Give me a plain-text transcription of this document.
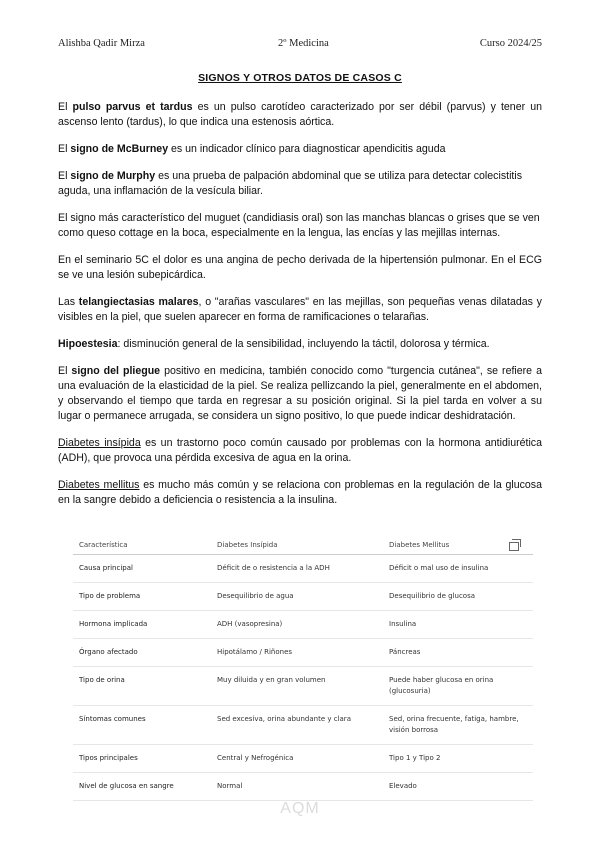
Alishba Qadir Mirza	2º Medicina	Curso 2024/25
SIGNOS Y OTROS DATOS DE CASOS C

El pulso parvus et tardus es un pulso carotídeo caracterizado por ser débil (parvus) y tener un ascenso lento (tardus), lo que indica una estenosis aórtica.

El signo de McBurney es un indicador clínico para diagnosticar apendicitis aguda

El signo de Murphy es una prueba de palpación abdominal que se utiliza para detectar colecistitis aguda, una inflamación de la vesícula biliar.

El signo más característico del muguet (candidiasis oral) son las manchas blancas o grises que se ven como queso cottage en la boca, especialmente en la lengua, las encías y las mejillas internas.

En el seminario 5C el dolor es una angina de pecho derivada de la hipertensión pulmonar. En el ECG se ve una lesión subepicárdica.

Las telangiectasias malares, o "arañas vasculares" en las mejillas, son pequeñas venas dilatadas y visibles en la piel, que suelen aparecer en forma de ramificaciones o telarañas.

Hipoestesia: disminución general de la sensibilidad, incluyendo la táctil, dolorosa y térmica.

El signo del pliegue positivo en medicina, también conocido como "turgencia cutánea", se refiere a una evaluación de la elasticidad de la piel. Se realiza pellizcando la piel, generalmente en el abdomen, y observando el tiempo que tarda en regresar a su posición original. Si la piel tarda en volver a su lugar o permanece arrugada, se considera un signo positivo, lo que puede indicar deshidratación.

Diabetes insípida es un trastorno poco común causado por problemas con la hormona antidiurética (ADH), que provoca una pérdida excesiva de agua en la orina.

Diabetes mellitus es mucho más común y se relaciona con problemas en la regulación de la glucosa en la sangre debido a deficiencia o resistencia a la insulina.

Característica	Diabetes Insípida	Diabetes Mellitus
Causa principal	Déficit de o resistencia a la ADH	Déficit o mal uso de insulina
Tipo de problema	Desequilibrio de agua	Desequilibrio de glucosa
Hormona implicada	ADH (vasopresina)	Insulina
Órgano afectado	Hipotálamo / Riñones	Páncreas
Tipo de orina	Muy diluida y en gran volumen	Puede haber glucosa en orina (glucosuria)
Síntomas comunes	Sed excesiva, orina abundante y clara	Sed, orina frecuente, fatiga, hambre, visión borrosa
Tipos principales	Central y Nefrogénica	Tipo 1 y Tipo 2
Nivel de glucosa en sangre	Normal	Elevado
AQM
